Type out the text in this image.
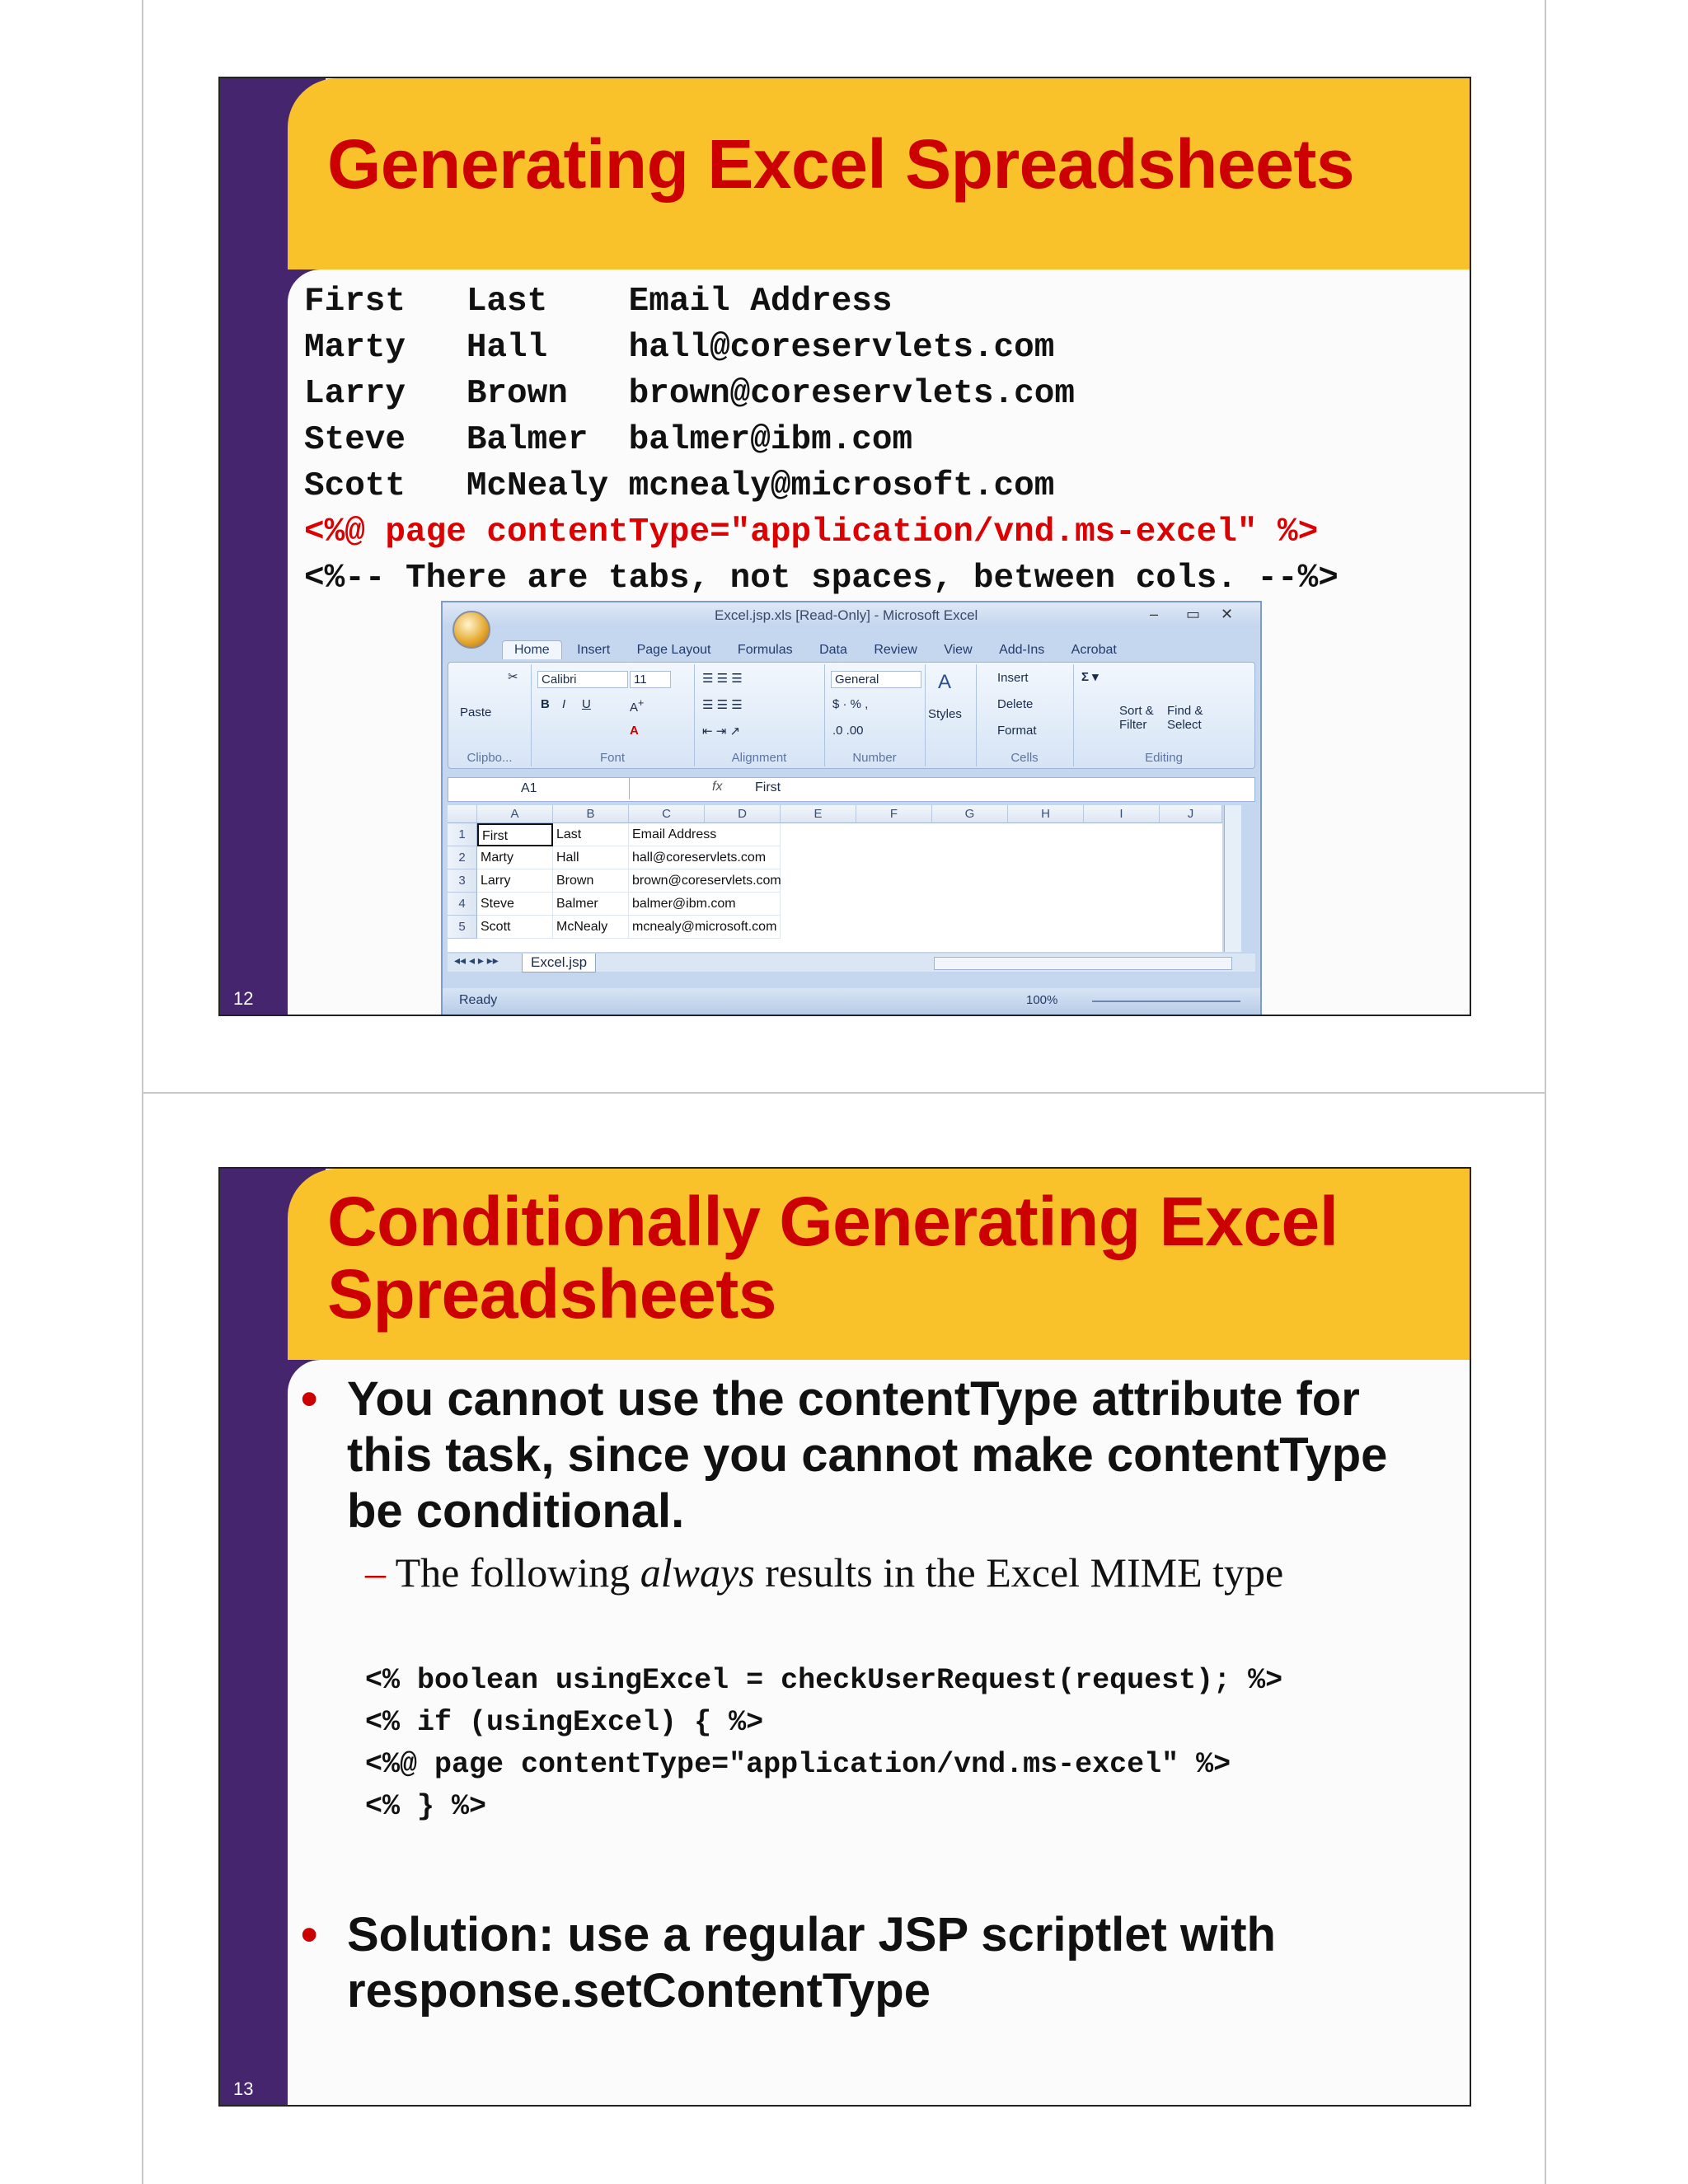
Generating Excel Spreadsheets
First   Last    Email Address
Marty   Hall    hall@coreservlets.com
Larry   Brown   brown@coreservlets.com
Steve   Balmer  balmer@ibm.com
Scott   McNealy mcnealy@microsoft.com
<%@ page contentType="application/vnd.ms-excel" %>
<%-- There are tabs, not spaces, between cols. --%>
Excel.jsp.xls [Read-Only] - Microsoft Excel	– ▭ ✕
Home Insert Page Layout Formulas Data Review View Add-Ins Acrobat
Paste
✂
Clipbo...
Calibri	11
B I U	A+
A
Font
☰ ☰ ☰
☰ ☰ ☰
⇤ ⇥ ↗
Alignment
General
$ · % ,
.0 .00
Number
A
Styles
Insert
Delete
Format
Cells
Σ ▾
Sort & Filter
Find & Select
Editing
A1	fx First
A	B	C	D	E	F	G	H	I	J
1	First	Last	Email Address
2	Marty	Hall	hall@coreservlets.com
3	Larry	Brown	brown@coreservlets.com
4	Steve	Balmer	balmer@ibm.com
5	Scott	McNealy	mcnealy@microsoft.com
◂◂ ◂ ▸ ▸▸	Excel.jsp
Ready	100%
12
Conditionally Generating Excel
Spreadsheets
• You cannot use the contentType attribute for this task, since you cannot make contentType be conditional.
– The following always results in the Excel MIME type
<% boolean usingExcel = checkUserRequest(request); %>
<% if (usingExcel) { %>
<%@ page contentType="application/vnd.ms-excel" %>
<% } %>
• Solution: use a regular JSP scriptlet with response.setContentType
13
